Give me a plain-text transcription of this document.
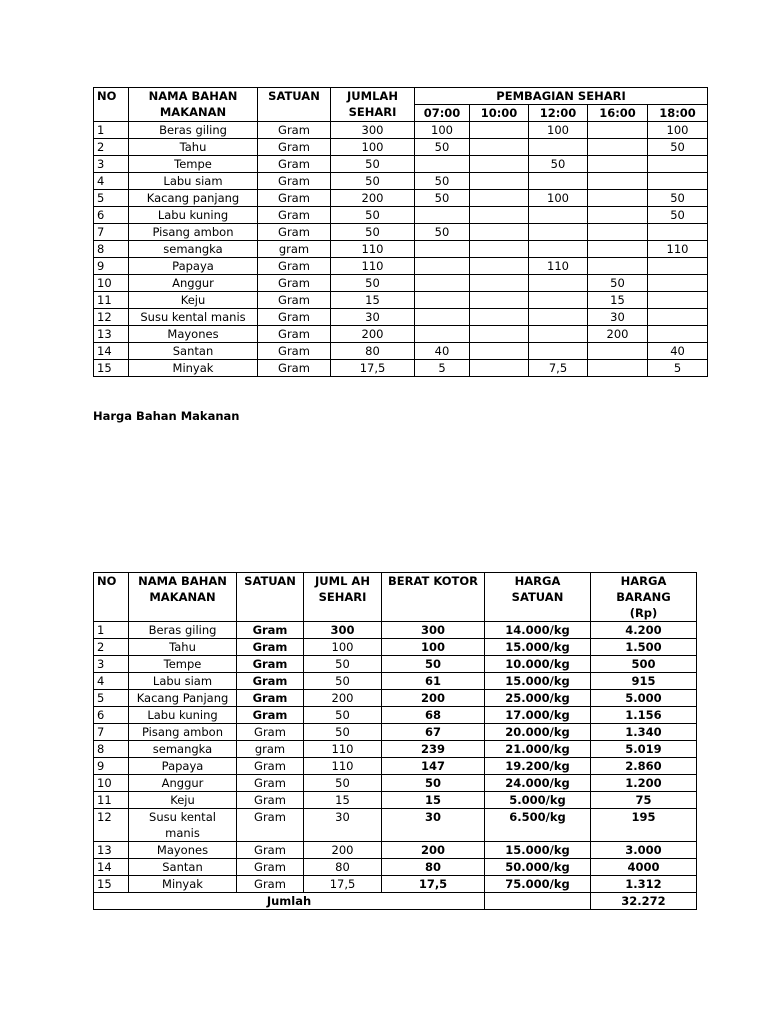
NO	NAMA BAHAN MAKANAN	SATUAN	JUMLAH SEHARI	PEMBAGIAN SEHARI				
				07:00	10:00	12:00	16:00	18:00
1	Beras giling	Gram	300	100		100		100
2	Tahu	Gram	100	50				50
3	Tempe	Gram	50			50		
4	Labu siam	Gram	50	50				
5	Kacang panjang	Gram	200	50		100		50
6	Labu kuning	Gram	50					50
7	Pisang ambon	Gram	50	50				
8	semangka	gram	110					110
9	Papaya	Gram	110			110		
10	Anggur	Gram	50				50	
11	Keju	Gram	15				15	
12	Susu kental manis	Gram	30				30	
13	Mayones	Gram	200				200	
14	Santan	Gram	80	40				40
15	Minyak	Gram	17,5	5		7,5		5
Harga Bahan Makanan
NO	NAMA BAHAN MAKANAN	SATUAN	JUML AH SEHARI	BERAT KOTOR	HARGA SATUAN	HARGA BARANG (Rp)
1	Beras giling	Gram	300	300	14.000/kg	4.200
2	Tahu	Gram	100	100	15.000/kg	1.500
3	Tempe	Gram	50	50	10.000/kg	500
4	Labu siam	Gram	50	61	15.000/kg	915
5	Kacang Panjang	Gram	200	200	25.000/kg	5.000
6	Labu kuning	Gram	50	68	17.000/kg	1.156
7	Pisang ambon	Gram	50	67	20.000/kg	1.340
8	semangka	gram	110	239	21.000/kg	5.019
9	Papaya	Gram	110	147	19.200/kg	2.860
10	Anggur	Gram	50	50	24.000/kg	1.200
11	Keju	Gram	15	15	5.000/kg	75
12	Susu kental manis	Gram	30	30	6.500/kg	195
13	Mayones	Gram	200	200	15.000/kg	3.000
14	Santan	Gram	80	80	50.000/kg	4000
15	Minyak	Gram	17,5	17,5	75.000/kg	1.312
Jumlah						32.272
